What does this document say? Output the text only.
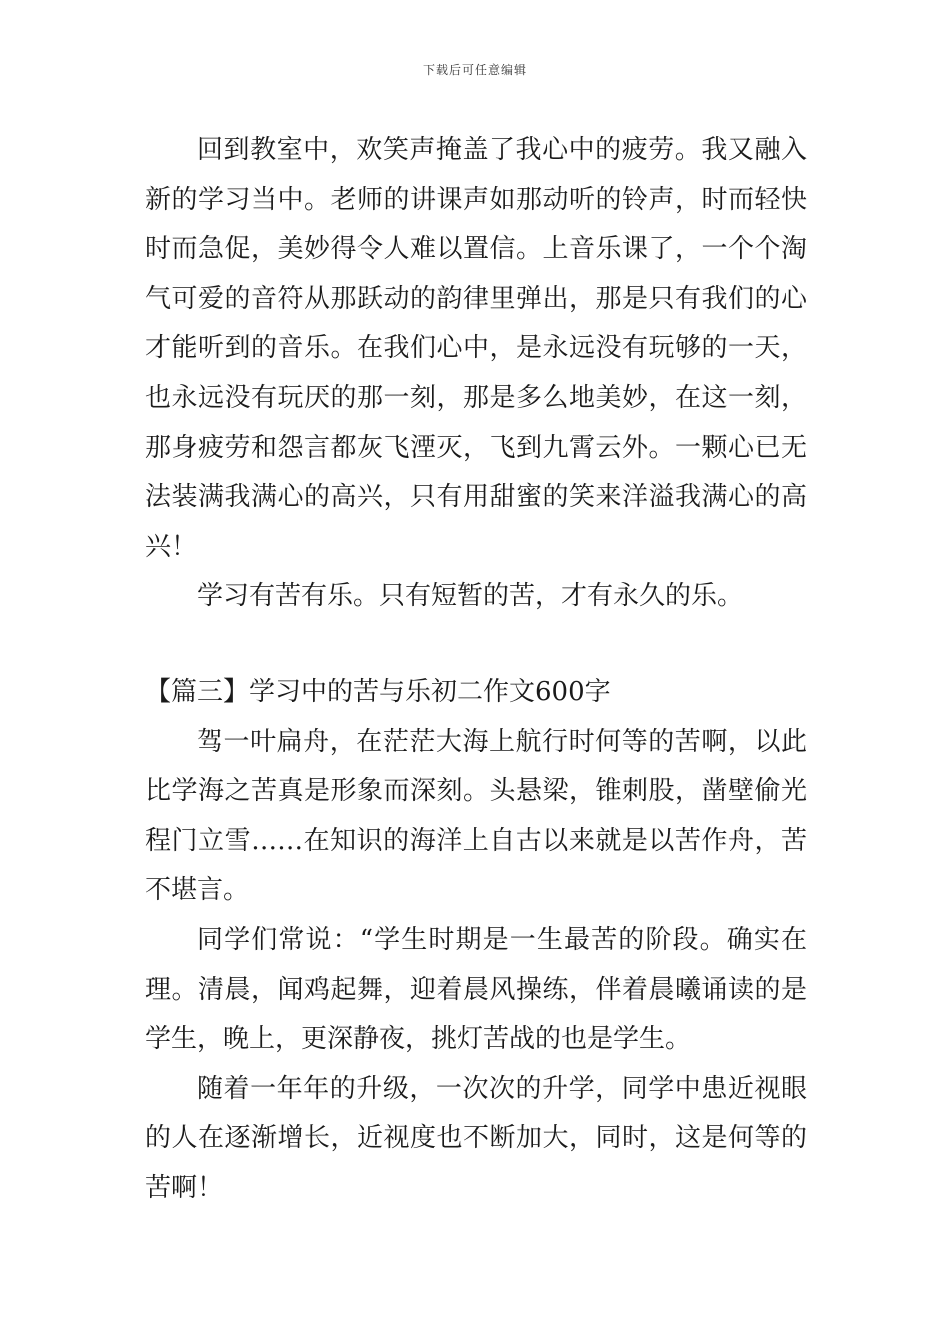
下载后可任意编辑

回到教室中，欢笑声掩盖了我心中的疲劳。我又融入新的学习当中。老师的讲课声如那动听的铃声，时而轻快时而急促，美妙得令人难以置信。上音乐课了，一个个淘气可爱的音符从那跃动的韵律里弹出，那是只有我们的心才能听到的音乐。在我们心中，是永远没有玩够的一天，也永远没有玩厌的那一刻，那是多么地美妙，在这一刻，那身疲劳和怨言都灰飞湮灭，飞到九霄云外。一颗心已无法装满我满心的高兴，只有用甜蜜的笑来洋溢我满心的高兴！

学习有苦有乐。只有短暂的苦，才有永久的乐。

【篇三】学习中的苦与乐初二作文600字

驾一叶扁舟，在茫茫大海上航行时何等的苦啊，以此比学海之苦真是形象而深刻。头悬梁，锥刺股，凿壁偷光程门立雪……在知识的海洋上自古以来就是以苦作舟，苦不堪言。

同学们常说：“学生时期是一生最苦的阶段。确实在理。清晨，闻鸡起舞，迎着晨风操练，伴着晨曦诵读的是学生，晚上，更深静夜，挑灯苦战的也是学生。

随着一年年的升级，一次次的升学，同学中患近视眼的人在逐渐增长，近视度也不断加大，同时，这是何等的苦啊！
